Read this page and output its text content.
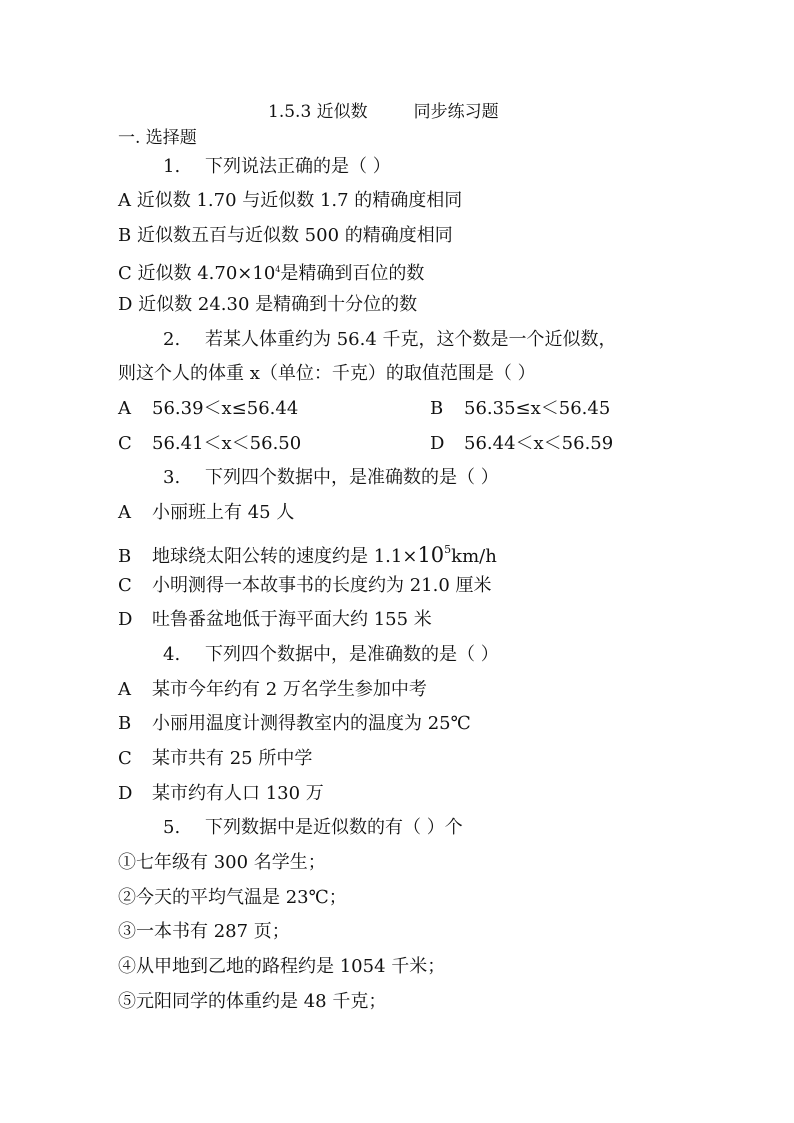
1.5.3 近似数	同步练习题
一. 选择题
1. 下列说法正确的是（ ）
A 近似数 1.70 与近似数 1.7 的精确度相同
B 近似数五百与近似数 500 的精确度相同
C 近似数 $4.70\times 10^4$是精确到百位的数
D 近似数 24.30 是精确到十分位的数
2. 若某人体重约为 56.4 千克，这个数是一个近似数，
则这个人的体重 x（单位：千克）的取值范围是（ ）
A 56.39＜x≤56.44	B 56.35≤x＜56.45
C 56.41＜x＜56.50	D 56.44＜x＜56.59
3. 下列四个数据中，是准确数的是（ ）
A 小丽班上有 45 人
B 地球绕太阳公转的速度约是 $1.1\times 10^5km/h$
C 小明测得一本故事书的长度约为 21.0 厘米
D 吐鲁番盆地低于海平面大约 155 米
4. 下列四个数据中，是准确数的是（ ）
A 某市今年约有 2 万名学生参加中考
B 小丽用温度计测得教室内的温度为 25℃
C 某市共有 25 所中学
D 某市约有人口 130 万
5. 下列数据中是近似数的有（ ）个
①七年级有 300 名学生；
②今天的平均气温是 23℃；
③一本书有 287 页；
④从甲地到乙地的路程约是 1054 千米；
⑤元阳同学的体重约是 48 千克；
